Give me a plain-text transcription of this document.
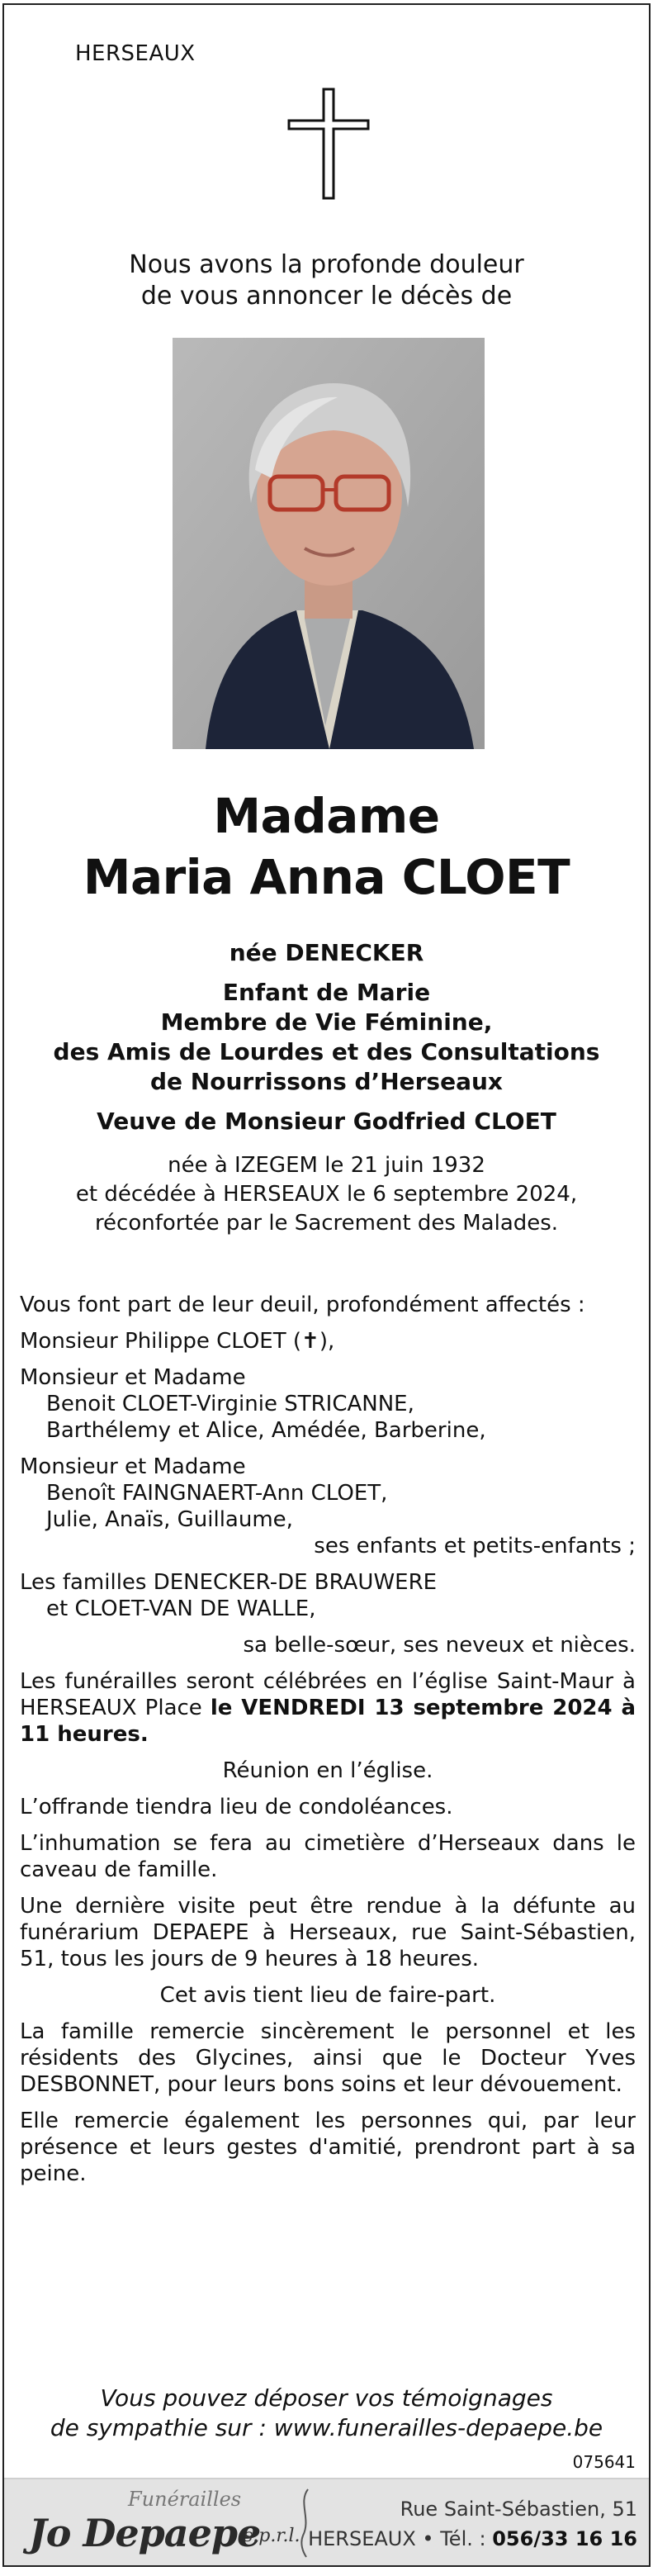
HERSEAUX
Nous avons la profonde douleur
de vous annoncer le décès de
Madame
Maria Anna CLOET
née DENECKER
Enfant de Marie
Membre de Vie Féminine,
des Amis de Lourdes et des Consultations
de Nourrissons d’Herseaux
Veuve de Monsieur Godfried CLOET
née à IZEGEM le 21 juin 1932
et décédée à HERSEAUX le 6 septembre 2024,
réconfortée par le Sacrement des Malades.

Vous font part de leur deuil, profondément affectés :

Monsieur Philippe CLOET (✝),

Monsieur et Madame

Benoit CLOET-Virginie STRICANNE,

Barthélemy et Alice, Amédée, Barberine,

Monsieur et Madame

Benoît FAINGNAERT-Ann CLOET,

Julie, Anaïs, Guillaume,

ses enfants et petits-enfants ;

Les familles DENECKER-DE BRAUWERE

et CLOET-VAN DE WALLE,

sa belle-sœur, ses neveux et nièces.

Les funérailles seront célébrées en l’église Saint-Maur à HERSEAUX Place le VENDREDI 13 septembre 2024 à 11 heures.

Réunion en l’église.

L’offrande tiendra lieu de condoléances.

L’inhumation se fera au cimetière d’Herseaux dans le caveau de famille.

Une dernière visite peut être rendue à la défunte au funérarium DEPAEPE à Herseaux, rue Saint-Sébastien, 51, tous les jours de 9 heures à 18 heures.

Cet avis tient lieu de faire-part.

La famille remercie sincèrement le personnel et les résidents des Glycines, ainsi que le Docteur Yves DESBONNET, pour leurs bons soins et leur dévouement.

Elle remercie également les personnes qui, par leur présence et leurs gestes d'amitié, prendront part à sa peine.

Vous pouvez déposer vos témoignages
de sympathie sur : www.funerailles-depaepe.be
075641
Funérailles
Jo Depaepe
s.p.r.l.
Rue Saint-Sébastien, 51
HERSEAUX • Tél. : 056/33 16 16
